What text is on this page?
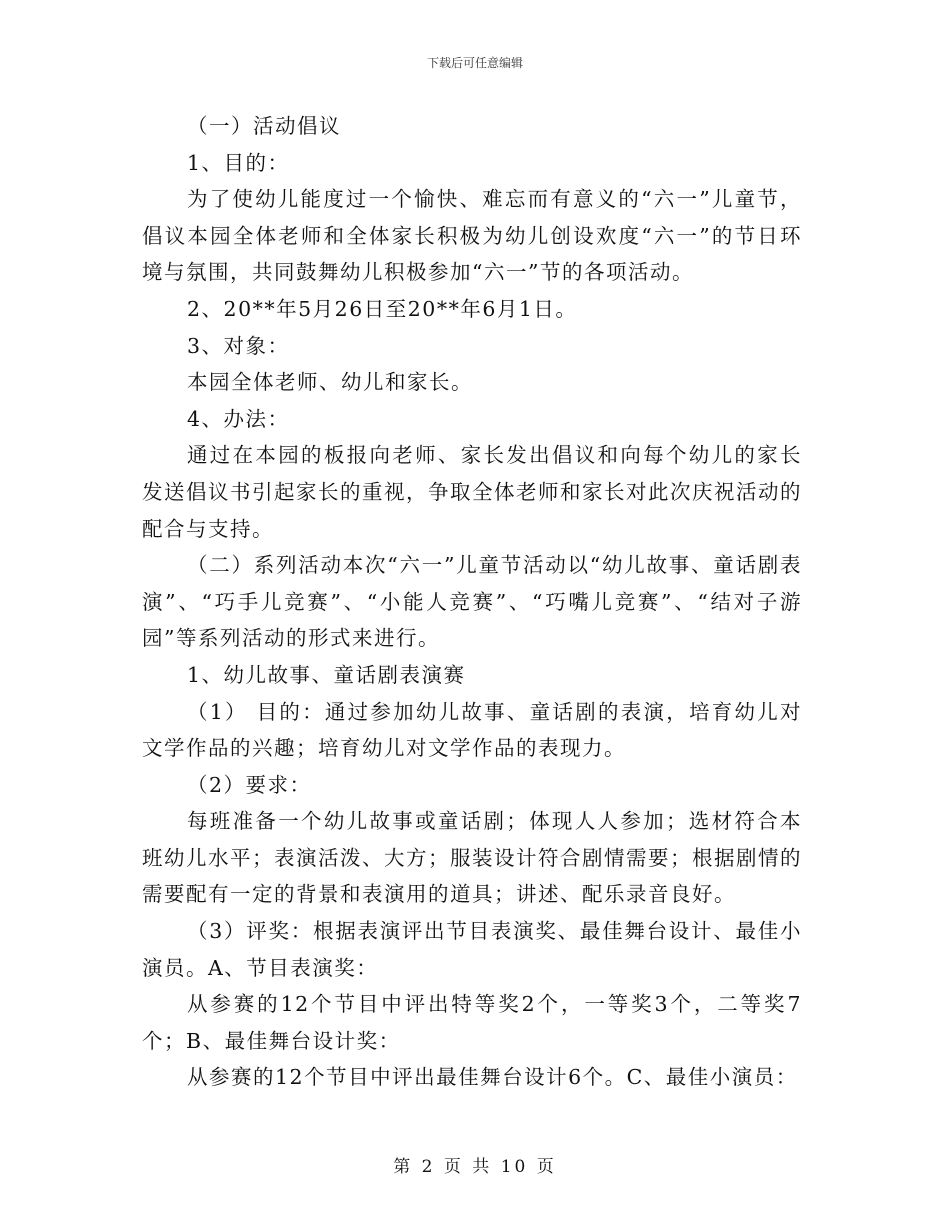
下载后可任意编辑

（一）活动倡议

1、目的：

为了使幼儿能度过一个愉快、难忘而有意义的“六一”儿童节，倡议本园全体老师和全体家长积极为幼儿创设欢度“六一”的节日环境与氛围，共同鼓舞幼儿积极参加“六一”节的各项活动。

2、20**年5月26日至20**年6月1日。

3、对象：

本园全体老师、幼儿和家长。

4、办法：

通过在本园的板报向老师、家长发出倡议和向每个幼儿的家长发送倡议书引起家长的重视，争取全体老师和家长对此次庆祝活动的配合与支持。

（二）系列活动本次“六一”儿童节活动以“幼儿故事、童话剧表演”、“巧手儿竞赛”、“小能人竞赛”、“巧嘴儿竞赛”、“结对子游园”等系列活动的形式来进行。

1、幼儿故事、童话剧表演赛

（1） 目的：通过参加幼儿故事、童话剧的表演，培育幼儿对文学作品的兴趣；培育幼儿对文学作品的表现力。

（2）要求：

每班准备一个幼儿故事或童话剧；体现人人参加；选材符合本班幼儿水平；表演活泼、大方；服装设计符合剧情需要；根据剧情的需要配有一定的背景和表演用的道具；讲述、配乐录音良好。

（3）评奖：根据表演评出节目表演奖、最佳舞台设计、最佳小演员。A、节目表演奖：

从参赛的12个节目中评出特等奖2个，一等奖3个，二等奖7个；B、最佳舞台设计奖：

从参赛的12个节目中评出最佳舞台设计6个。C、最佳小演员：

第 2 页 共 10 页
